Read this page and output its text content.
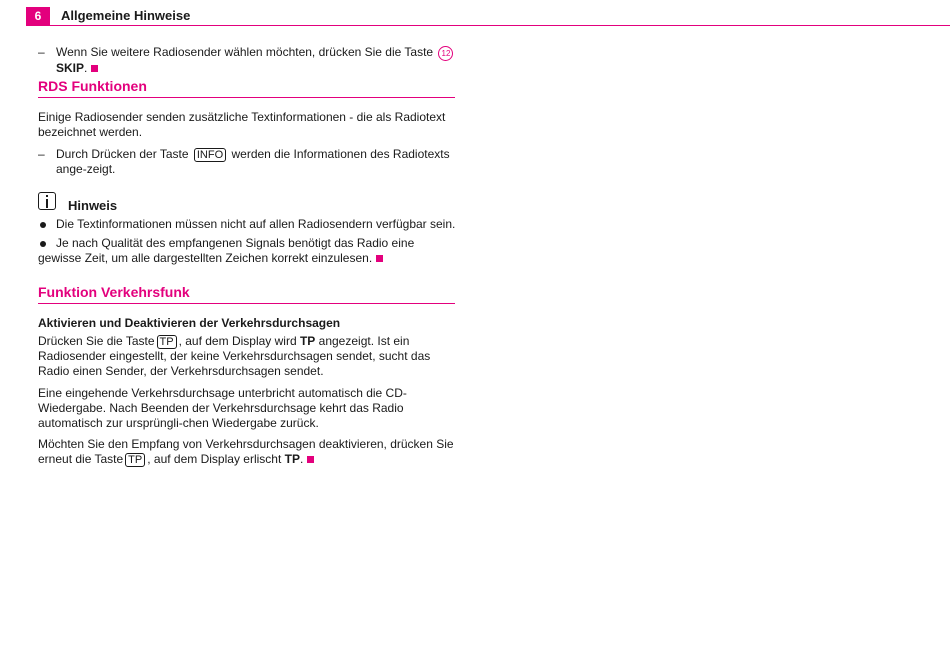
6	Allgemeine Hinweise
– Wenn Sie weitere Radiosender wählen möchten, drücken Sie die Taste 12SKIP.
RDS Funktionen
Einige Radiosender senden zusätzliche Textinformationen - die als Radiotext bezeichnet werden.
– Durch Drücken der Taste INFO werden die Informationen des Radiotexts ange-zeigt.
Hinweis
Die Textinformationen müssen nicht auf allen Radiosendern verfügbar sein.
Je nach Qualität des empfangenen Signals benötigt das Radio eine gewisse Zeit, um alle dargestellten Zeichen korrekt einzulesen.
Funktion Verkehrsfunk
Aktivieren und Deaktivieren der Verkehrsdurchsagen
Drücken Sie die Taste TP , auf dem Display wird TP angezeigt. Ist ein Radiosender eingestellt, der keine Verkehrsdurchsagen sendet, sucht das Radio einen Sender, der Verkehrsdurchsagen sendet.
Eine eingehende Verkehrsdurchsage unterbricht automatisch die CD-Wiedergabe. Nach Beenden der Verkehrsdurchsage kehrt das Radio automatisch zur ursprüngli-chen Wiedergabe zurück.
Möchten Sie den Empfang von Verkehrsdurchsagen deaktivieren, drücken Sie erneut die Taste TP , auf dem Display erlischt TP.
